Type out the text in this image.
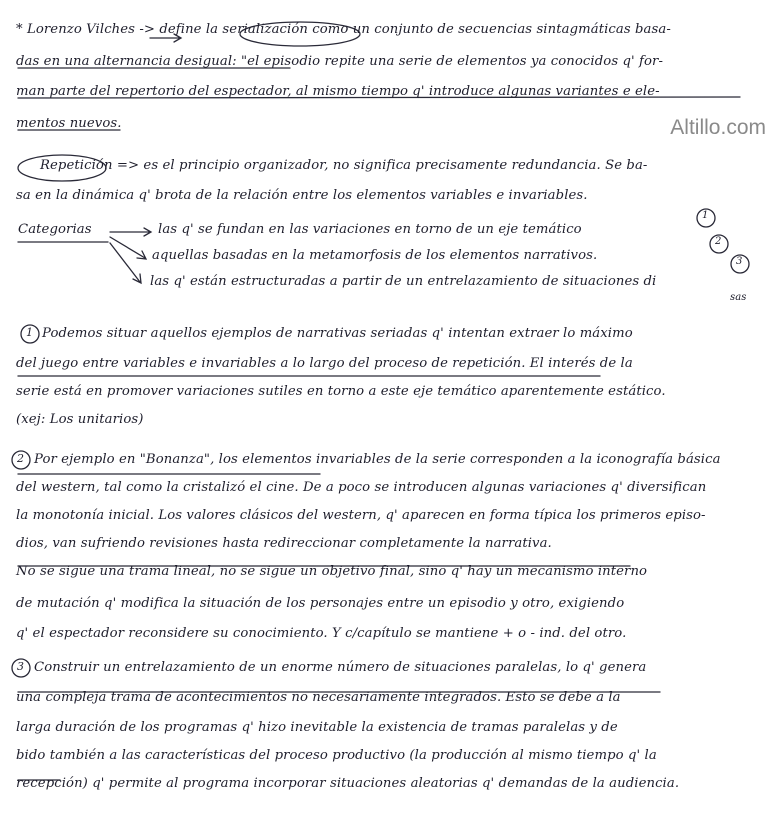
Altillo.com
* Lorenzo Vilches -> define la serialización como un conjunto de secuencias sintagmáticas basa-
das en una alternancia desigual: "el episodio repite una serie de elementos ya conocidos q' for-
man parte del repertorio del espectador, al mismo tiempo q' introduce algunas variantes e ele-
mentos nuevos.
Repetición => es el principio organizador, no significa precisamente redundancia. Se ba-
sa en la dinámica q' brota de la relación entre los elementos variables e invariables.
Categorias	las q' se fundan en las variaciones en torno de un eje temático
aquellas basadas en la metamorfosis de los elementos narrativos.
las q' están estructuradas a partir de un entrelazamiento de situaciones di
sas
Podemos situar aquellos ejemplos de narrativas seriadas q' intentan extraer lo máximo
del juego entre variables e invariables a lo largo del proceso de repetición. El interés de la
serie está en promover variaciones sutiles en torno a este eje temático aparentemente estático.
(xej: Los unitarios)
Por ejemplo en "Bonanza", los elementos invariables de la serie corresponden a la iconografía básica
del western, tal como la cristalizó el cine. De a poco se introducen algunas variaciones q' diversifican
la monotonía inicial. Los valores clásicos del western, q' aparecen en forma típica los primeros episo-
dios, van sufriendo revisiones hasta redireccionar completamente la narrativa.
No se sigue una trama lineal, no se sigue un objetivo final, sino q' hay un mecanismo interno
de mutación q' modifica la situación de los personajes entre un episodio y otro, exigiendo
q' el espectador reconsidere su conocimiento. Y c/capítulo se mantiene + o - ind. del otro.
Construir un entrelazamiento de un enorme número de situaciones paralelas, lo q' genera
una compleja trama de acontecimientos no necesariamente integrados. Esto se debe a la
larga duración de los programas q' hizo inevitable la existencia de tramas paralelas y de
bido también a las características del proceso productivo (la producción al mismo tiempo q' la
recepción) q' permite al programa incorporar situaciones aleatorias q' demandas de la audiencia.
1
2
3
1
2
3
